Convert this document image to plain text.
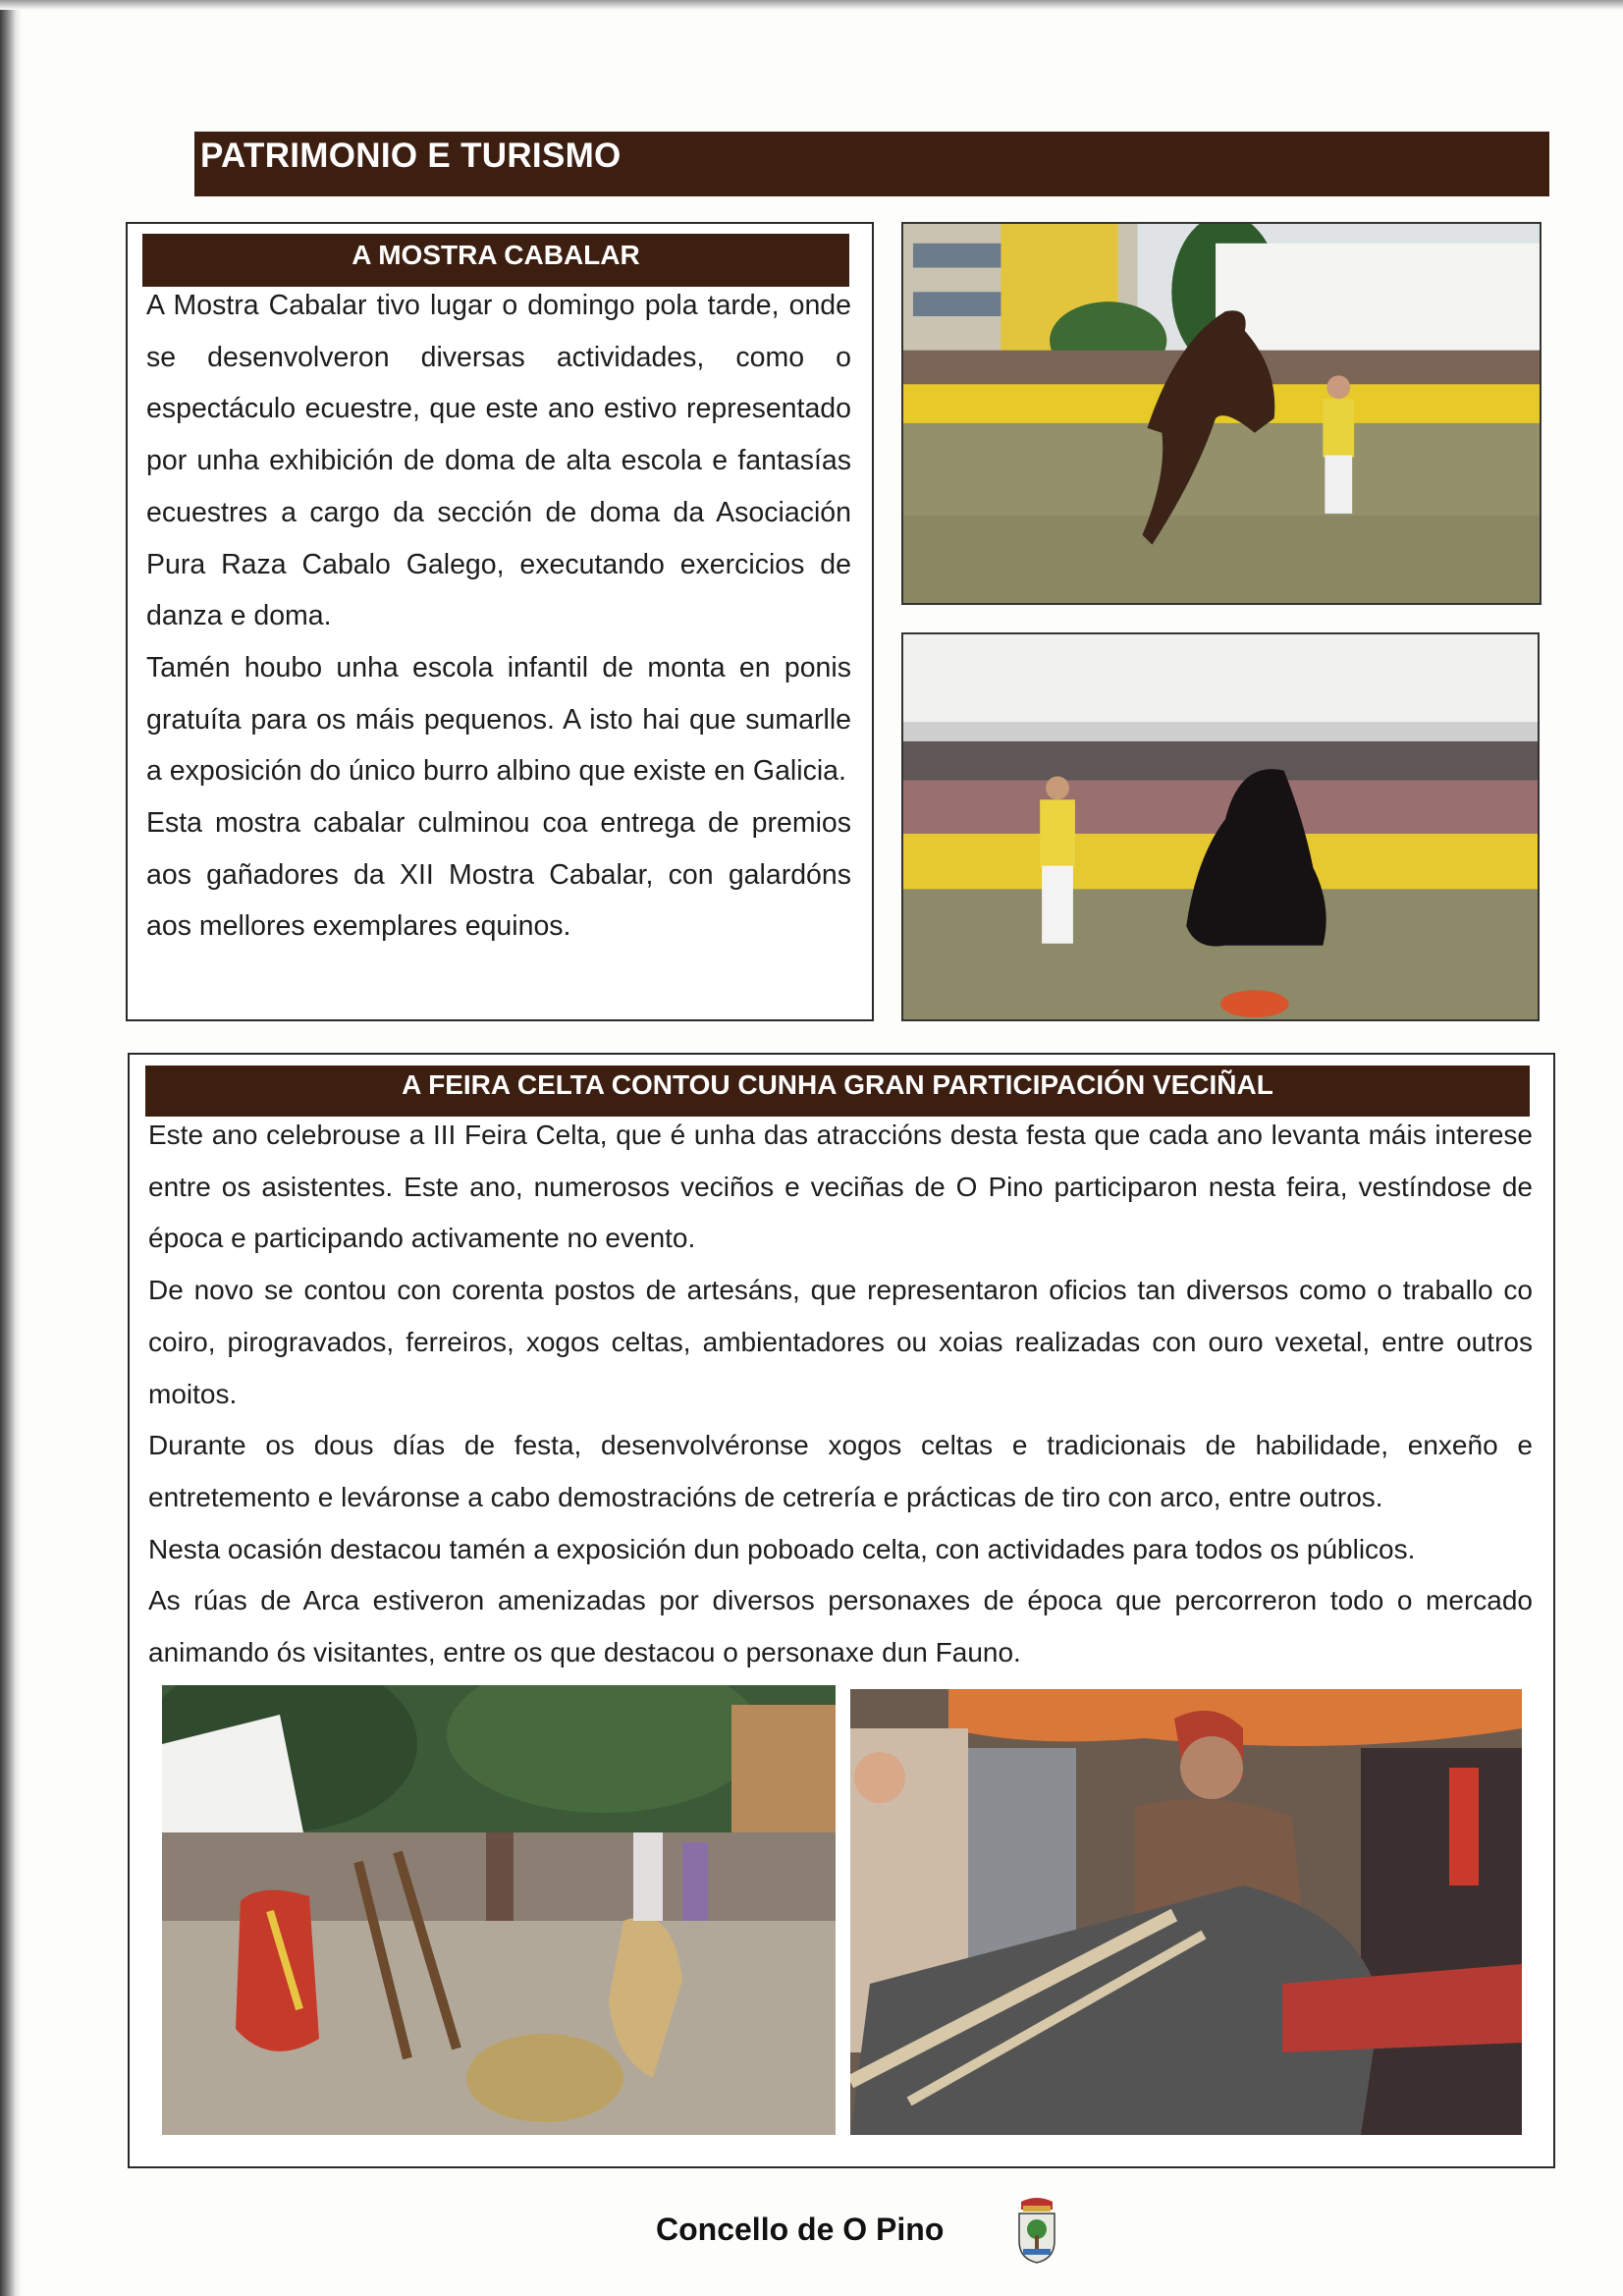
PATRIMONIO E TURISMO
A MOSTRA CABALAR

A Mostra Cabalar tivo lugar o domingo pola tarde, onde se desenvolveron diversas actividades, como o espectáculo ecuestre, que este ano estivo representado por unha exhibición de doma de alta escola e fantasías ecuestres a cargo da sección de doma da Asociación Pura Raza Cabalo Galego, executando exercicios de danza e doma.

Tamén houbo unha escola infantil de monta en ponis gratuíta para os máis pequenos. A isto hai que sumarlle a exposición do único burro albino que existe en Galicia.

Esta mostra cabalar culminou coa entrega de premios aos gañadores da XII Mostra Cabalar, con galardóns aos mellores exemplares equinos.

A FEIRA CELTA CONTOU CUNHA GRAN PARTICIPACIÓN VECIÑAL

Este ano celebrouse a III Feira Celta, que é unha das atraccións desta festa que cada ano levanta máis interese entre os asistentes. Este ano, numerosos veciños e veciñas de O Pino participaron nesta feira, vestíndose de época e participando activamente no evento.

De novo se contou con corenta postos de artesáns, que representaron oficios tan diversos como o traballo co coiro, pirogravados, ferreiros, xogos celtas, ambientadores ou xoias realizadas con ouro vexetal, entre outros moitos.

Durante os dous días de festa, desenvolvéronse xogos celtas e tradicionais de habilidade, enxeño e entretemento e leváronse a cabo demostracións de cetrería e prácticas de tiro con arco, entre outros.

Nesta ocasión destacou tamén a exposición dun poboado celta, con actividades para todos os públicos.

As rúas de Arca estiveron amenizadas por diversos personaxes de época que percorreron todo o mercado animando ós visitantes, entre os que destacou o personaxe dun Fauno.

Concello de O Pino
